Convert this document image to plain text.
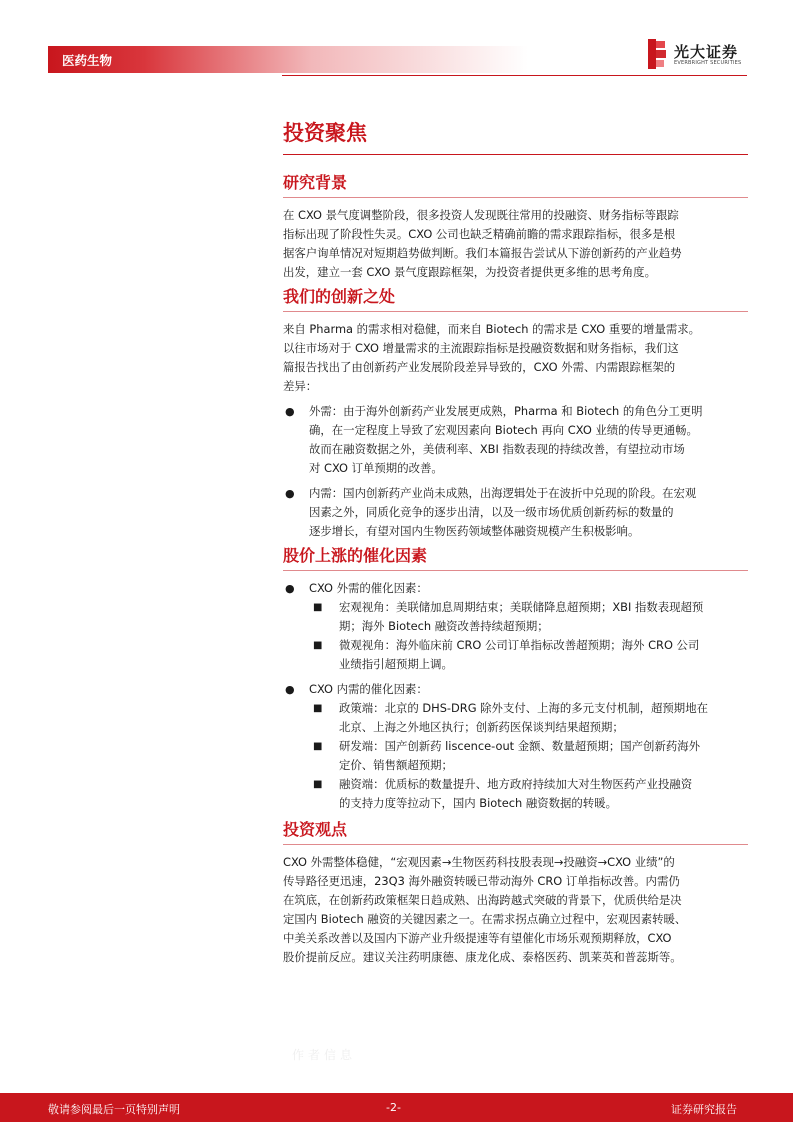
医药生物	光大证券
EVERBRIGHT SECURITIES
投资聚焦
研究背景

在 CXO 景气度调整阶段，很多投资人发现既往常用的投融资、财务指标等跟踪

指标出现了阶段性失灵。CXO 公司也缺乏精确前瞻的需求跟踪指标，很多是根

据客户询单情况对短期趋势做判断。我们本篇报告尝试从下游创新药的产业趋势

出发，建立一套 CXO 景气度跟踪框架，为投资者提供更多维的思考角度。

我们的创新之处

来自 Pharma 的需求相对稳健，而来自 Biotech 的需求是 CXO 重要的增量需求。

以往市场对于 CXO 增量需求的主流跟踪指标是投融资数据和财务指标，我们这

篇报告找出了由创新药产业发展阶段差异导致的，CXO 外需、内需跟踪框架的

差异：

● 外需：由于海外创新药产业发展更成熟，Pharma 和 Biotech 的角色分工更明
确，在一定程度上导致了宏观因素向 Biotech 再向 CXO 业绩的传导更通畅。
故而在融资数据之外，美债利率、XBI 指数表现的持续改善，有望拉动市场
对 CXO 订单预期的改善。
● 内需：国内创新药产业尚未成熟，出海逻辑处于在波折中兑现的阶段。在宏观
因素之外，同质化竞争的逐步出清，以及一级市场优质创新药标的数量的
逐步增长，有望对国内生物医药领域整体融资规模产生积极影响。
股价上涨的催化因素
● CXO 外需的催化因素：
■ 宏观视角：美联储加息周期结束；美联储降息超预期；XBI 指数表现超预
期；海外 Biotech 融资改善持续超预期；
■ 微观视角：海外临床前 CRO 公司订单指标改善超预期；海外 CRO 公司
业绩指引超预期上调。
● CXO 内需的催化因素：
■ 政策端：北京的 DHS-DRG 除外支付、上海的多元支付机制，超预期地在
北京、上海之外地区执行；创新药医保谈判结果超预期；
■ 研发端：国产创新药 liscence-out 金额、数量超预期；国产创新药海外
定价、销售额超预期；
■ 融资端：优质标的数量提升、地方政府持续加大对生物医药产业投融资
的支持力度等拉动下，国内 Biotech 融资数据的转暖。
投资观点

CXO 外需整体稳健，“宏观因素→生物医药科技股表现→投融资→CXO 业绩”的

传导路径更迅速，23Q3 海外融资转暖已带动海外 CRO 订单指标改善。内需仍

在筑底，在创新药政策框架日趋成熟、出海跨越式突破的背景下，优质供给是决

定国内 Biotech 融资的关键因素之一。在需求拐点确立过程中，宏观因素转暖、

中美关系改善以及国内下游产业升级提速等有望催化市场乐观预期释放，CXO

股价提前反应。建议关注药明康德、康龙化成、泰格医药、凯莱英和普蕊斯等。

作者信息
敬请参阅最后一页特别声明	-2-	证券研究报告
